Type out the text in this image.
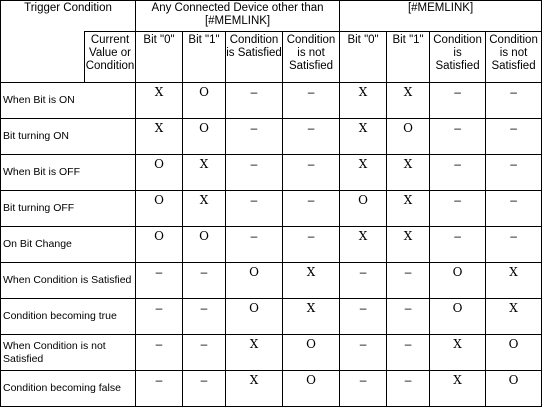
Trigger Condition		Any Connected Device other than [#MEMLINK]				[#MEMLINK]			
	Current Value or Condition	Bit "0"	Bit "1"	Condition is Satisfied	Condition is not Satisfied	Bit "0"	Bit "1"	Condition is Satisfied	Condition is not Satisfied
When Bit is ON		X	O	–	–	X	X	–	–
Bit turning ON		X	O	–	–	X	O	–	–
When Bit is OFF		O	X	–	–	X	X	–	–
Bit turning OFF		O	X	–	–	O	X	–	–
On Bit Change		O	O	–	–	X	X	–	–
When Condition is Satisfied		–	–	O	X	–	–	O	X
Condition becoming true		–	–	O	X	–	–	O	X
When Condition is not Satisfied		–	–	X	O	–	–	X	O
Condition becoming false		–	–	X	O	–	–	X	O
